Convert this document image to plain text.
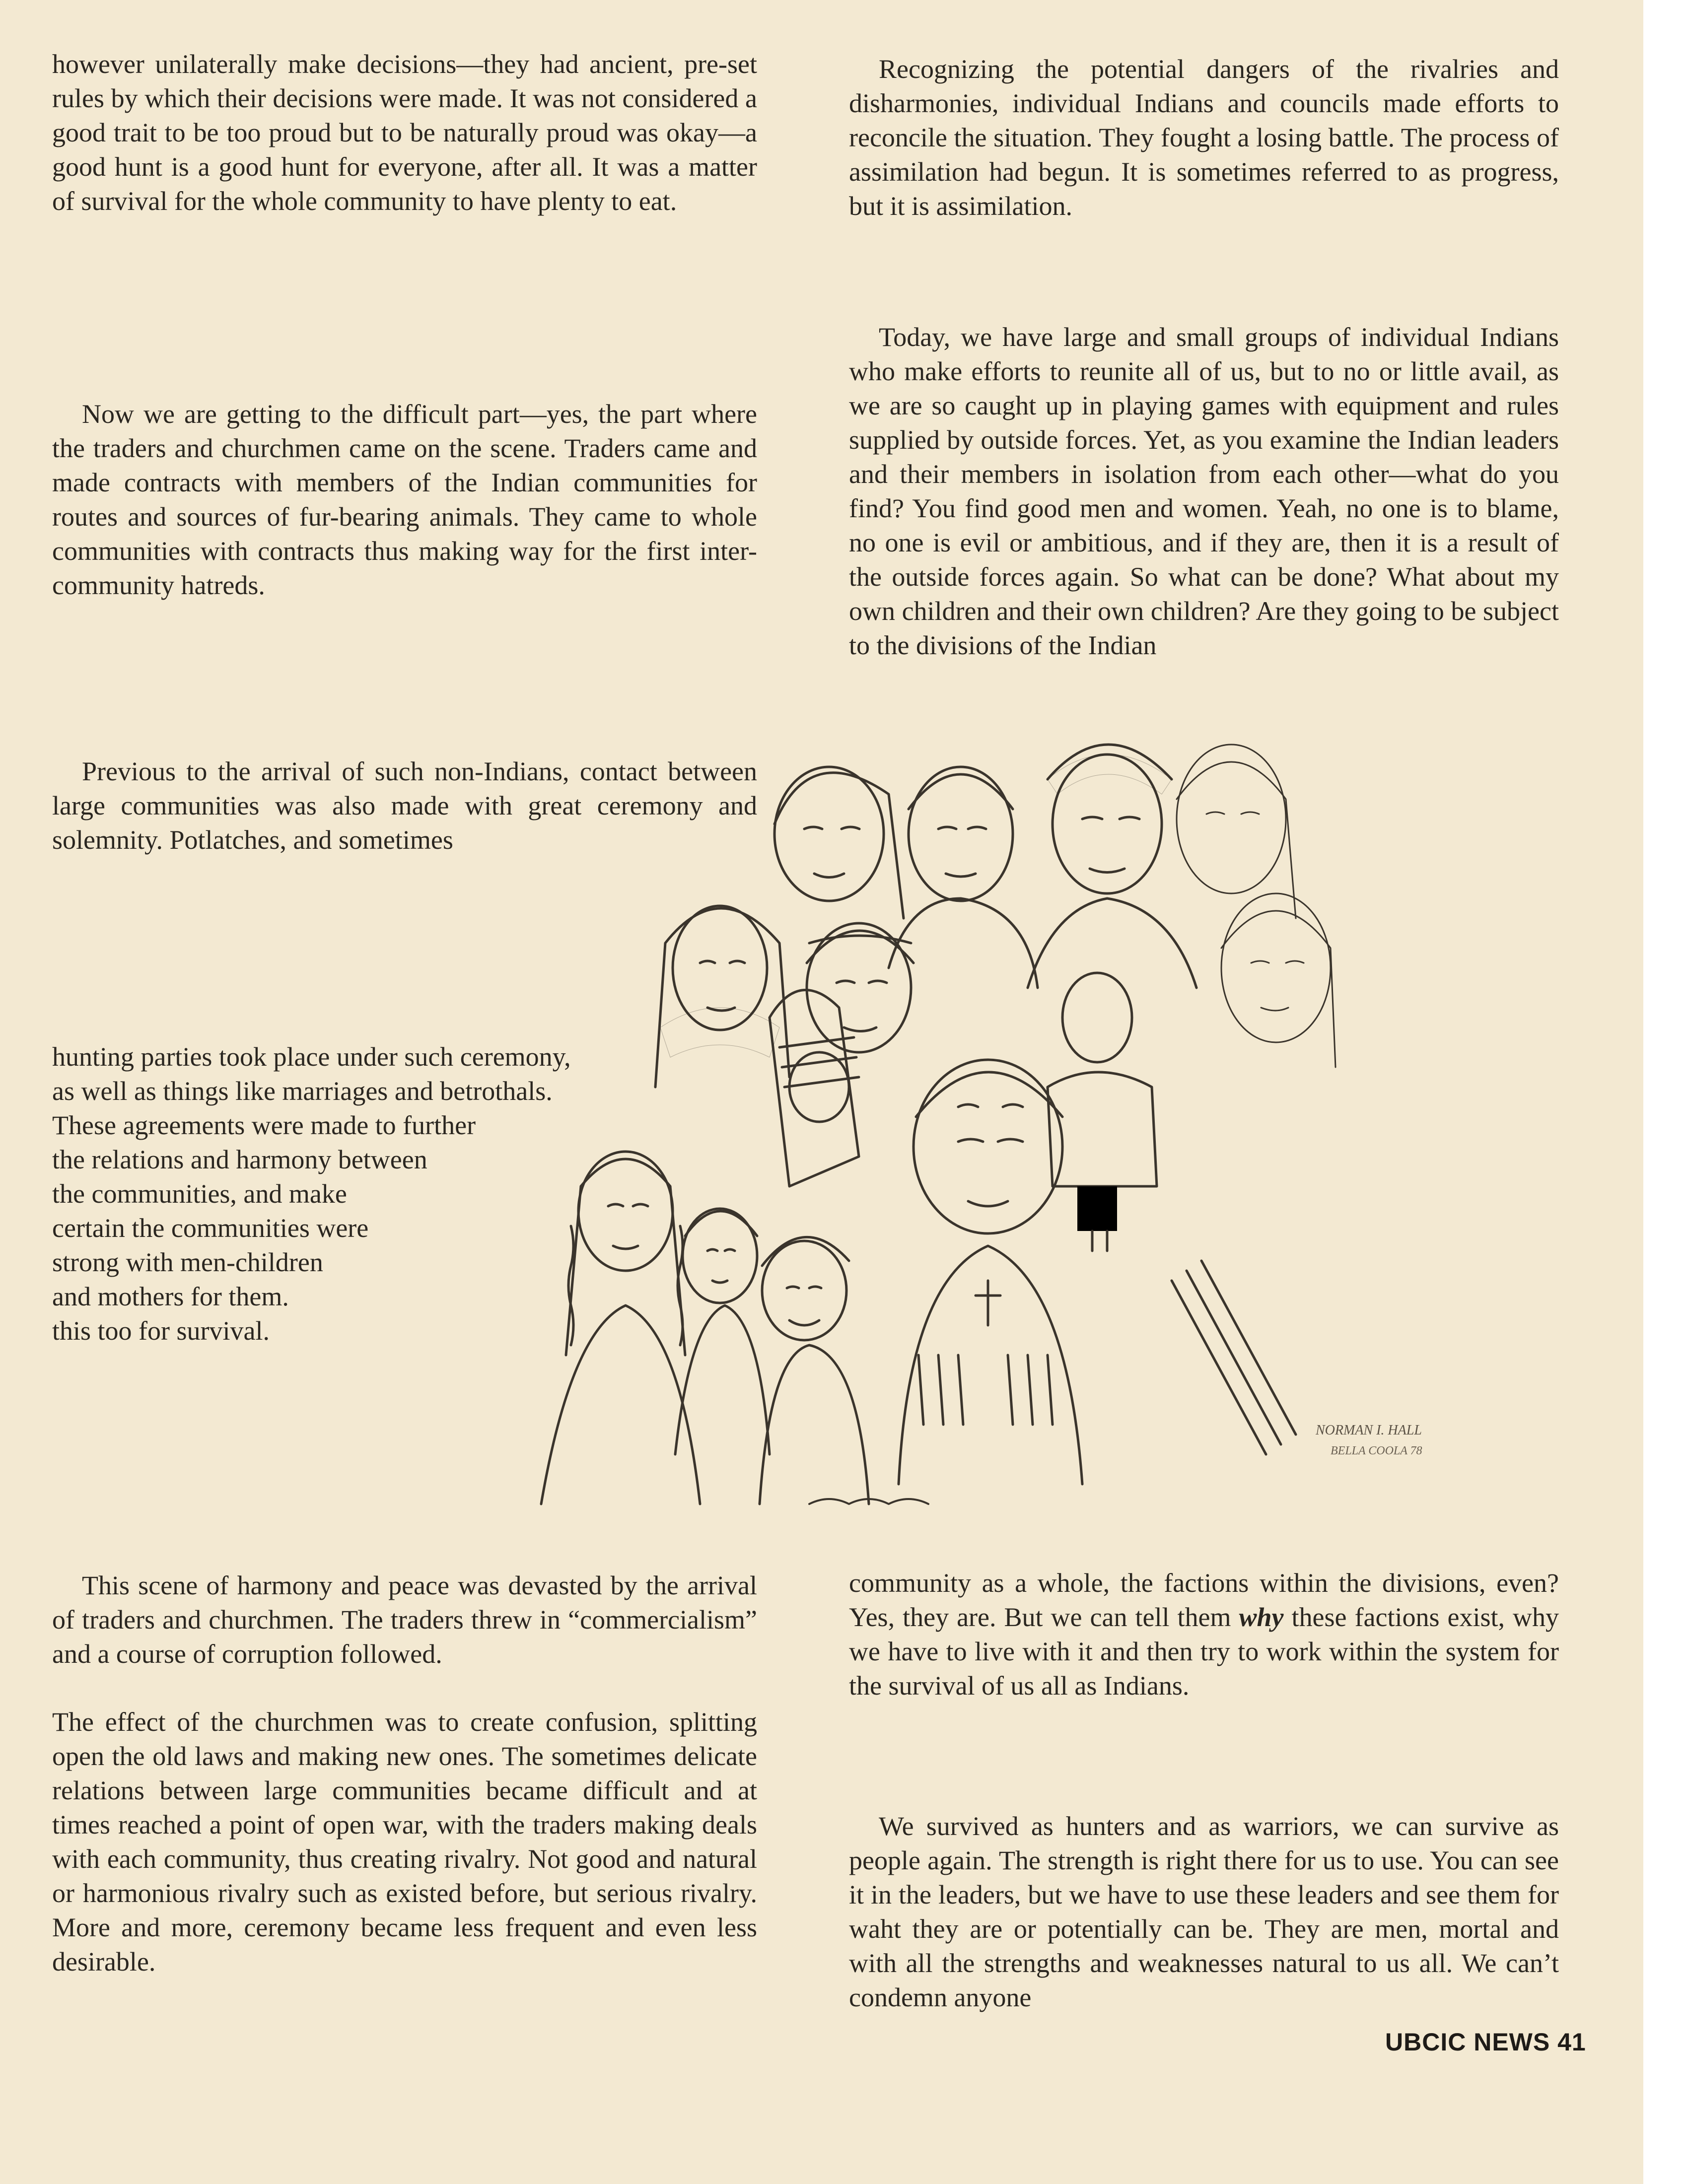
however unilaterally make decisions—they had ancient, pre-set rules by which their decisions were made. It was not considered a good trait to be too proud but to be naturally proud was okay—a good hunt is a good hunt for everyone, after all. It was a matter of survival for the whole community to have plenty to eat.

Now we are getting to the difficult part—yes, the part where the traders and churchmen came on the scene. Traders came and made contracts with members of the Indian communities for routes and sources of fur-bearing animals. They came to whole communities with contracts thus making way for the first inter-community hatreds.

Previous to the arrival of such non-Indians, contact between large communities was also made with great ceremony and solemnity. Potlatches, and sometimes

hunting parties took place under such ceremony,
as well as things like marriages and betrothals.
These agreements were made to further
the relations and harmony between
the communities, and make
certain the communities were
strong with men-children
and mothers for them.
this too for survival.

This scene of harmony and peace was devasted by the arrival of traders and churchmen. The traders threw in “commercialism” and a course of corruption followed.

The effect of the churchmen was to create confusion, splitting open the old laws and making new ones. The sometimes delicate relations between large communities became difficult and at times reached a point of open war, with the traders making deals with each community, thus creating rivalry. Not good and natural or harmonious rivalry such as existed before, but serious rivalry. More and more, ceremony became less frequent and even less desirable.

Recognizing the potential dangers of the rivalries and disharmonies, individual Indians and councils made efforts to reconcile the situation. They fought a losing battle. The process of assimilation had begun. It is sometimes referred to as progress, but it is assimilation.

Today, we have large and small groups of individual Indians who make efforts to reunite all of us, but to no or little avail, as we are so caught up in playing games with equipment and rules supplied by outside forces. Yet, as you examine the Indian leaders and their members in isolation from each other—what do you find? You find good men and women. Yeah, no one is to blame, no one is evil or ambitious, and if they are, then it is a result of the outside forces again. So what can be done? What about my own children and their own children? Are they going to be subject to the divisions of the Indian

community as a whole, the factions within the divisions, even? Yes, they are. But we can tell them why these factions exist, why we have to live with it and then try to work within the system for the survival of us all as Indians.

We survived as hunters and as warriors, we can survive as people again. The strength is right there for us to use. You can see it in the leaders, but we have to use these leaders and see them for waht they are or potentially can be. They are men, mortal and with all the strengths and weaknesses natural to us all. We can’t condemn anyone

NORMAN I. HALL
BELLA COOLA 78
UBCIC NEWS 41
